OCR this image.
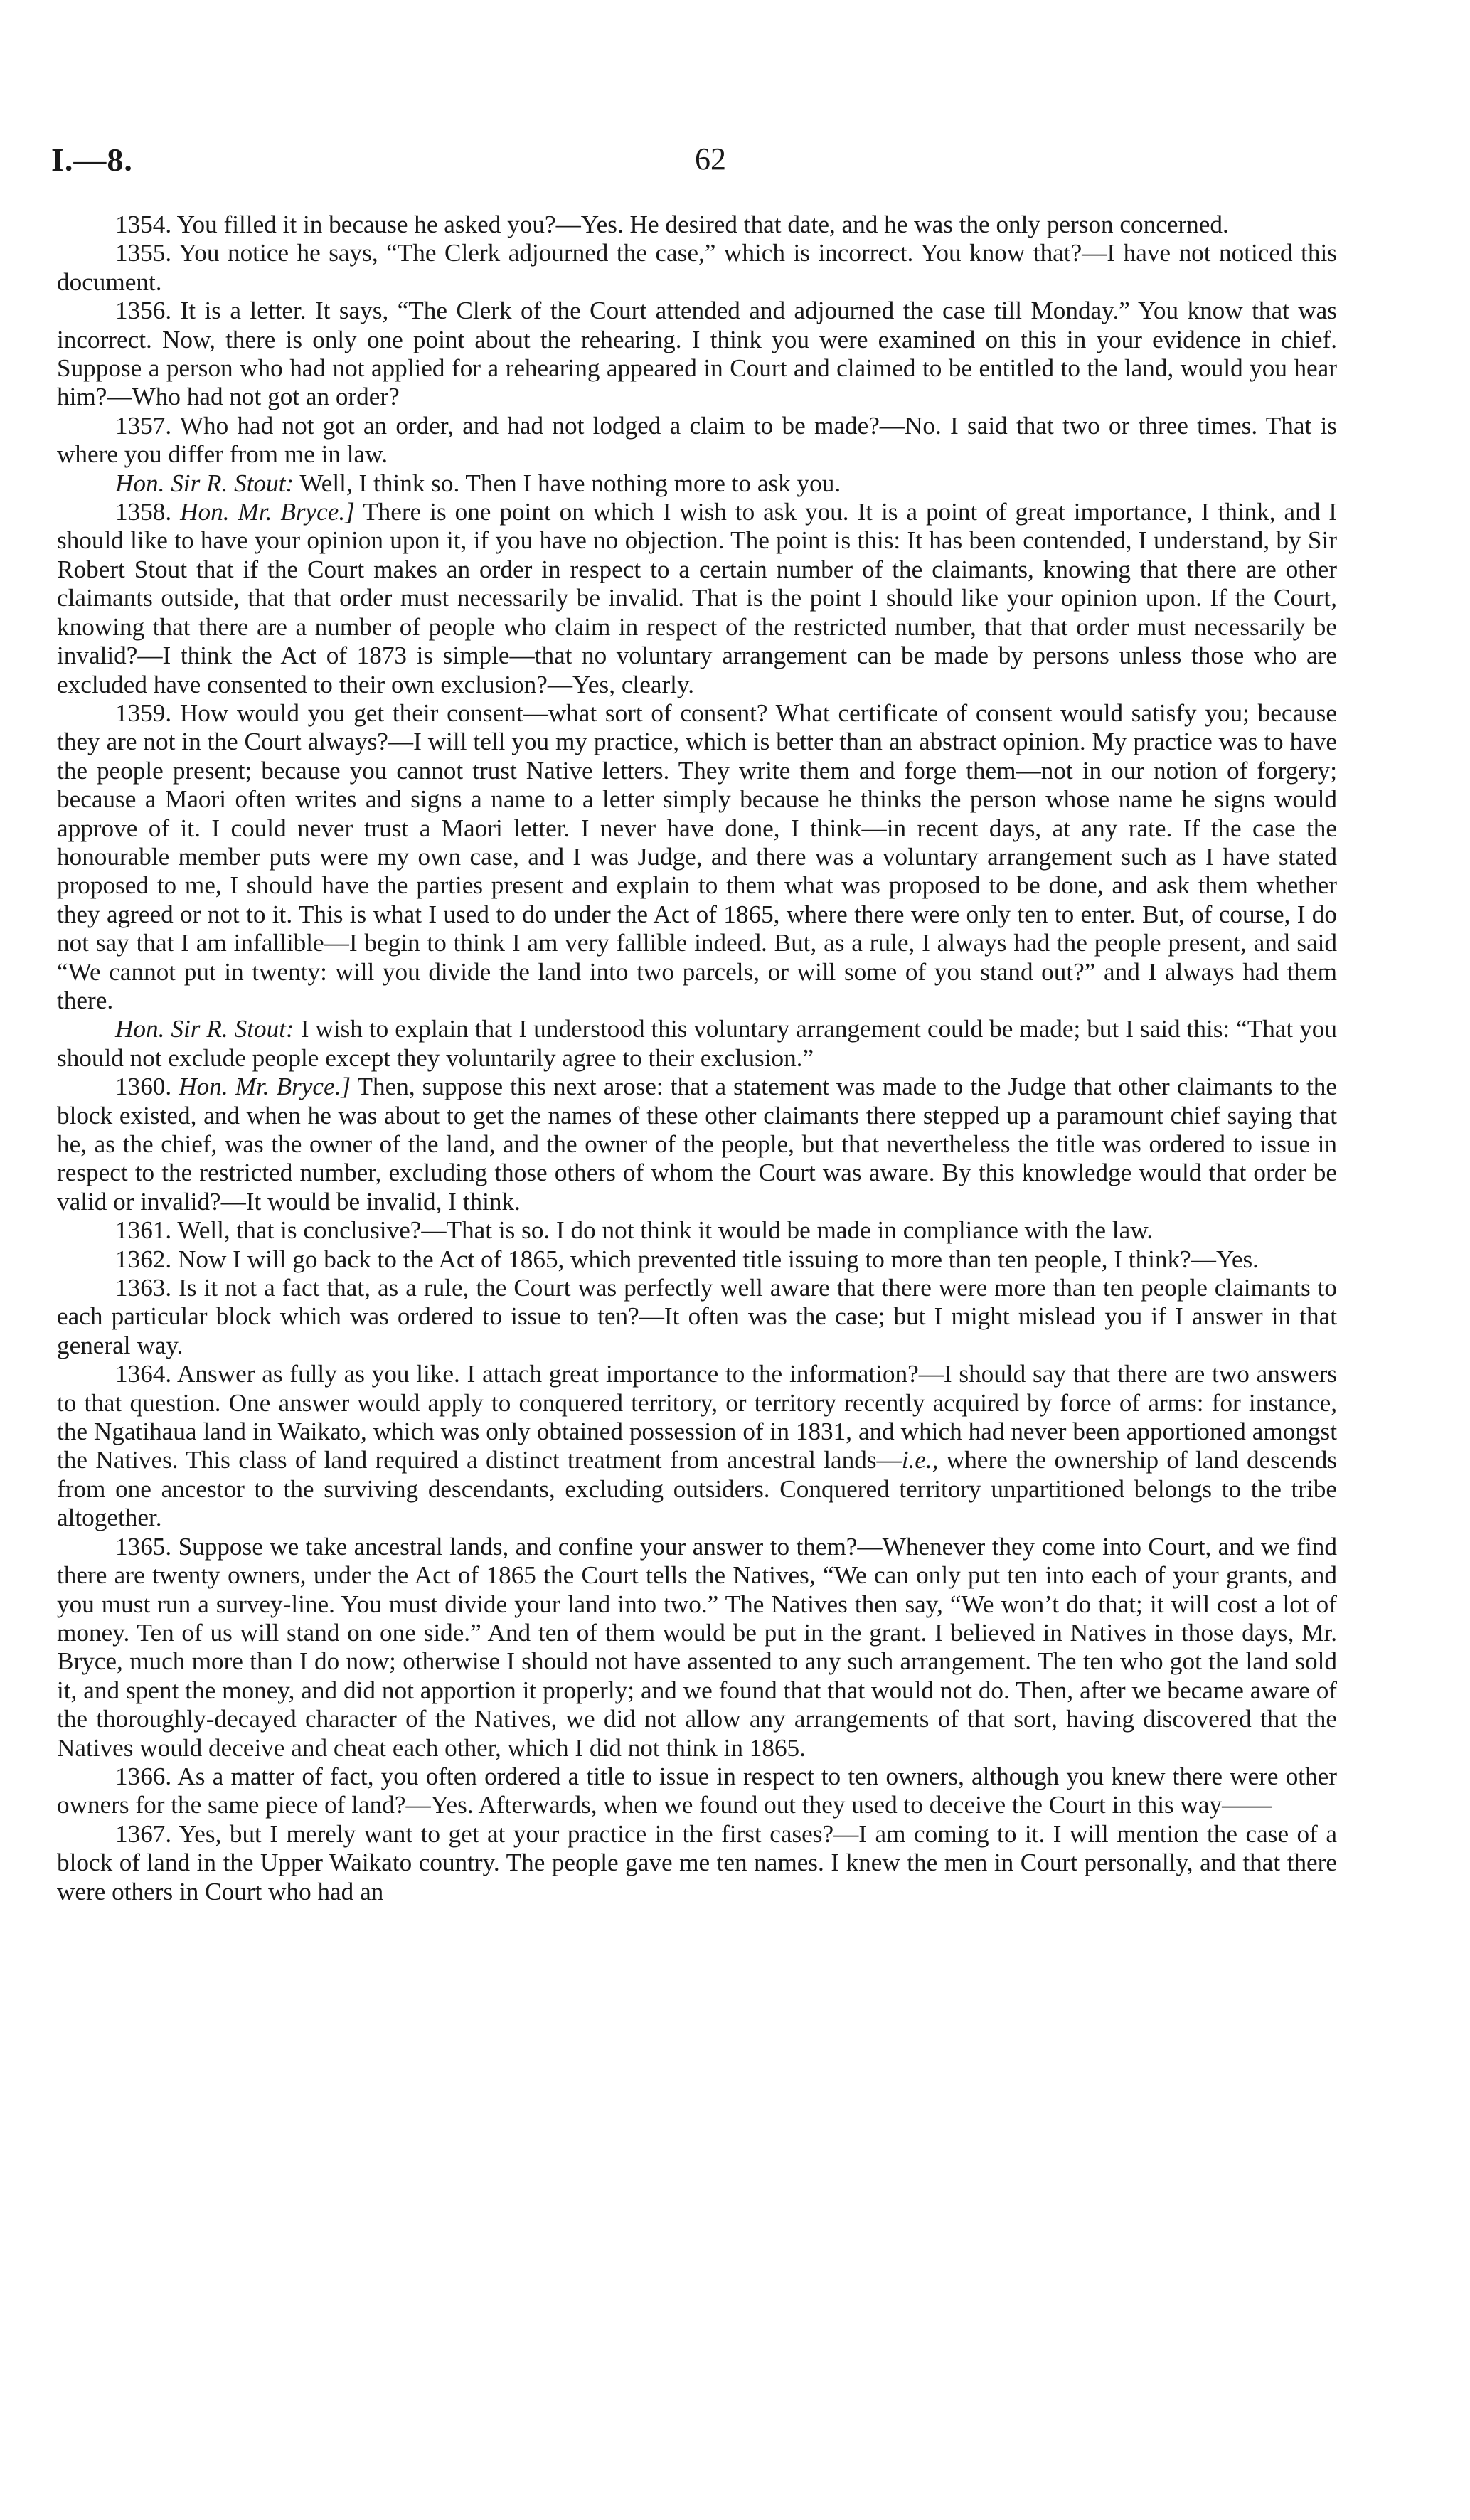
I.—8.	62

1354. You filled it in because he asked you?—Yes. He desired that date, and he was the only person concerned.

1355. You notice he says, “The Clerk adjourned the case,” which is incorrect. You know that?—I have not noticed this document.

1356. It is a letter. It says, “The Clerk of the Court attended and adjourned the case till Monday.” You know that was incorrect. Now, there is only one point about the rehearing. I think you were examined on this in your evidence in chief. Suppose a person who had not applied for a rehearing appeared in Court and claimed to be entitled to the land, would you hear him?—Who had not got an order?

1357. Who had not got an order, and had not lodged a claim to be made?—No. I said that two or three times. That is where you differ from me in law.

Hon. Sir R. Stout: Well, I think so. Then I have nothing more to ask you.

1358. Hon. Mr. Bryce.] There is one point on which I wish to ask you. It is a point of great importance, I think, and I should like to have your opinion upon it, if you have no objection. The point is this: It has been contended, I understand, by Sir Robert Stout that if the Court makes an order in respect to a certain number of the claimants, knowing that there are other claimants outside, that that order must necessarily be invalid. That is the point I should like your opinion upon. If the Court, knowing that there are a number of people who claim in respect of the restricted number, that that order must necessarily be invalid?—I think the Act of 1873 is simple—that no voluntary arrangement can be made by persons unless those who are excluded have consented to their own exclusion?—Yes, clearly.

1359. How would you get their consent—what sort of consent? What certificate of consent would satisfy you; because they are not in the Court always?—I will tell you my practice, which is better than an abstract opinion. My practice was to have the people present; because you cannot trust Native letters. They write them and forge them—not in our notion of forgery; because a Maori often writes and signs a name to a letter simply because he thinks the person whose name he signs would approve of it. I could never trust a Maori letter. I never have done, I think—in recent days, at any rate. If the case the honourable member puts were my own case, and I was Judge, and there was a voluntary arrangement such as I have stated proposed to me, I should have the parties present and explain to them what was proposed to be done, and ask them whether they agreed or not to it. This is what I used to do under the Act of 1865, where there were only ten to enter. But, of course, I do not say that I am infallible—I begin to think I am very fallible indeed. But, as a rule, I always had the people present, and said “We cannot put in twenty: will you divide the land into two parcels, or will some of you stand out?” and I always had them there.

Hon. Sir R. Stout: I wish to explain that I understood this voluntary arrangement could be made; but I said this: “That you should not exclude people except they voluntarily agree to their exclusion.”

1360. Hon. Mr. Bryce.] Then, suppose this next arose: that a statement was made to the Judge that other claimants to the block existed, and when he was about to get the names of these other claimants there stepped up a paramount chief saying that he, as the chief, was the owner of the land, and the owner of the people, but that nevertheless the title was ordered to issue in respect to the restricted number, excluding those others of whom the Court was aware. By this knowledge would that order be valid or invalid?—It would be invalid, I think.

1361. Well, that is conclusive?—That is so. I do not think it would be made in compliance with the law.

1362. Now I will go back to the Act of 1865, which prevented title issuing to more than ten people, I think?—Yes.

1363. Is it not a fact that, as a rule, the Court was perfectly well aware that there were more than ten people claimants to each particular block which was ordered to issue to ten?—It often was the case; but I might mislead you if I answer in that general way.

1364. Answer as fully as you like. I attach great importance to the information?—I should say that there are two answers to that question. One answer would apply to conquered territory, or territory recently acquired by force of arms: for instance, the Ngatihaua land in Waikato, which was only obtained possession of in 1831, and which had never been apportioned amongst the Natives. This class of land required a distinct treatment from ancestral lands—i.e., where the ownership of land descends from one ancestor to the surviving descendants, excluding outsiders. Conquered territory unpartitioned belongs to the tribe altogether.

1365. Suppose we take ancestral lands, and confine your answer to them?—Whenever they come into Court, and we find there are twenty owners, under the Act of 1865 the Court tells the Natives, “We can only put ten into each of your grants, and you must run a survey-line. You must divide your land into two.” The Natives then say, “We won’t do that; it will cost a lot of money. Ten of us will stand on one side.” And ten of them would be put in the grant. I believed in Natives in those days, Mr. Bryce, much more than I do now; otherwise I should not have assented to any such arrangement. The ten who got the land sold it, and spent the money, and did not apportion it properly; and we found that that would not do. Then, after we became aware of the thoroughly-decayed character of the Natives, we did not allow any arrangements of that sort, having discovered that the Natives would deceive and cheat each other, which I did not think in 1865.

1366. As a matter of fact, you often ordered a title to issue in respect to ten owners, although you knew there were other owners for the same piece of land?—Yes. Afterwards, when we found out they used to deceive the Court in this way——

1367. Yes, but I merely want to get at your practice in the first cases?—I am coming to it. I will mention the case of a block of land in the Upper Waikato country. The people gave me ten names. I knew the men in Court personally, and that there were others in Court who had an
